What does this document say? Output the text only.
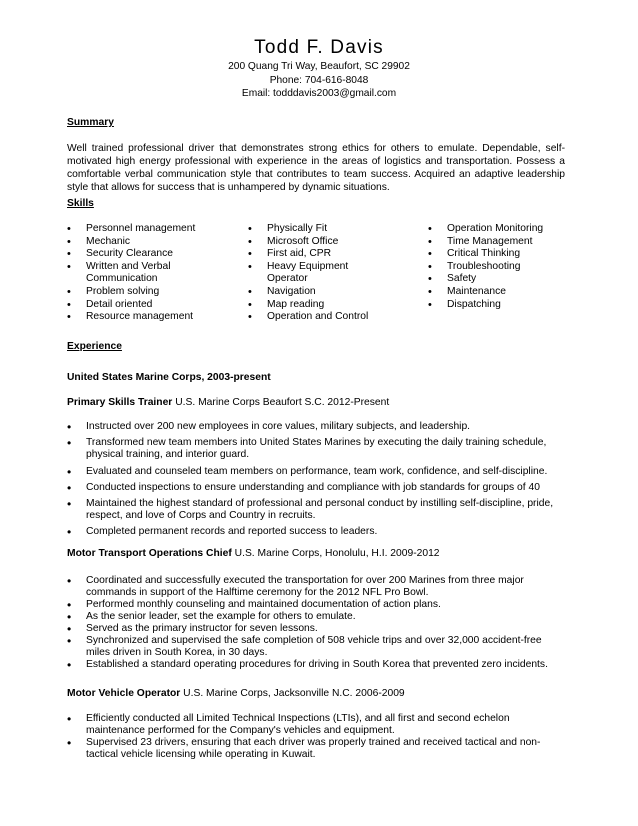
Todd F. Davis
200 Quang Tri Way, Beaufort, SC 29902
Phone: 704-616-8048
Email: todddavis2003@gmail.com
Summary
Well trained professional driver that demonstrates strong ethics for others to emulate. Dependable, self-motivated high energy professional with experience in the areas of logistics and transportation. Possess a comfortable verbal communication style that contributes to team success. Acquired an adaptive leadership style that allows for success that is unhampered by dynamic situations.
Skills
• Personnel management
• Mechanic
• Security Clearance
• Written and Verbal
Communication
• Problem solving
• Detail oriented
• Resource management
• Physically Fit
• Microsoft Office
• First aid, CPR
• Heavy Equipment
Operator
• Navigation
• Map reading
• Operation and Control
• Operation Monitoring
• Time Management
• Critical Thinking
• Troubleshooting
• Safety
• Maintenance
• Dispatching
Experience
United States Marine Corps, 2003-present
Primary Skills Trainer U.S. Marine Corps Beaufort S.C. 2012-Present
• Instructed over 200 new employees in core values, military subjects, and leadership.
• Transformed new team members into United States Marines by executing the daily training schedule, physical training, and interior guard.
• Evaluated and counseled team members on performance, team work, confidence, and self-discipline.
• Conducted inspections to ensure understanding and compliance with job standards for groups of 40
• Maintained the highest standard of professional and personal conduct by instilling self-discipline, pride, respect, and love of Corps and Country in recruits.
• Completed permanent records and reported success to leaders.
Motor Transport Operations Chief U.S. Marine Corps, Honolulu, H.I. 2009-2012
• Coordinated and successfully executed the transportation for over 200 Marines from three major commands in support of the Halftime ceremony for the 2012 NFL Pro Bowl.
• Performed monthly counseling and maintained documentation of action plans.
• As the senior leader, set the example for others to emulate.
• Served as the primary instructor for seven lessons.
• Synchronized and supervised the safe completion of 508 vehicle trips and over 32,000 accident-free miles driven in South Korea, in 30 days.
• Established a standard operating procedures for driving in South Korea that prevented zero incidents.
Motor Vehicle Operator U.S. Marine Corps, Jacksonville N.C. 2006-2009
• Efficiently conducted all Limited Technical Inspections (LTIs), and all first and second echelon maintenance performed for the Company's vehicles and equipment.
• Supervised 23 drivers, ensuring that each driver was properly trained and received tactical and non-tactical vehicle licensing while operating in Kuwait.
